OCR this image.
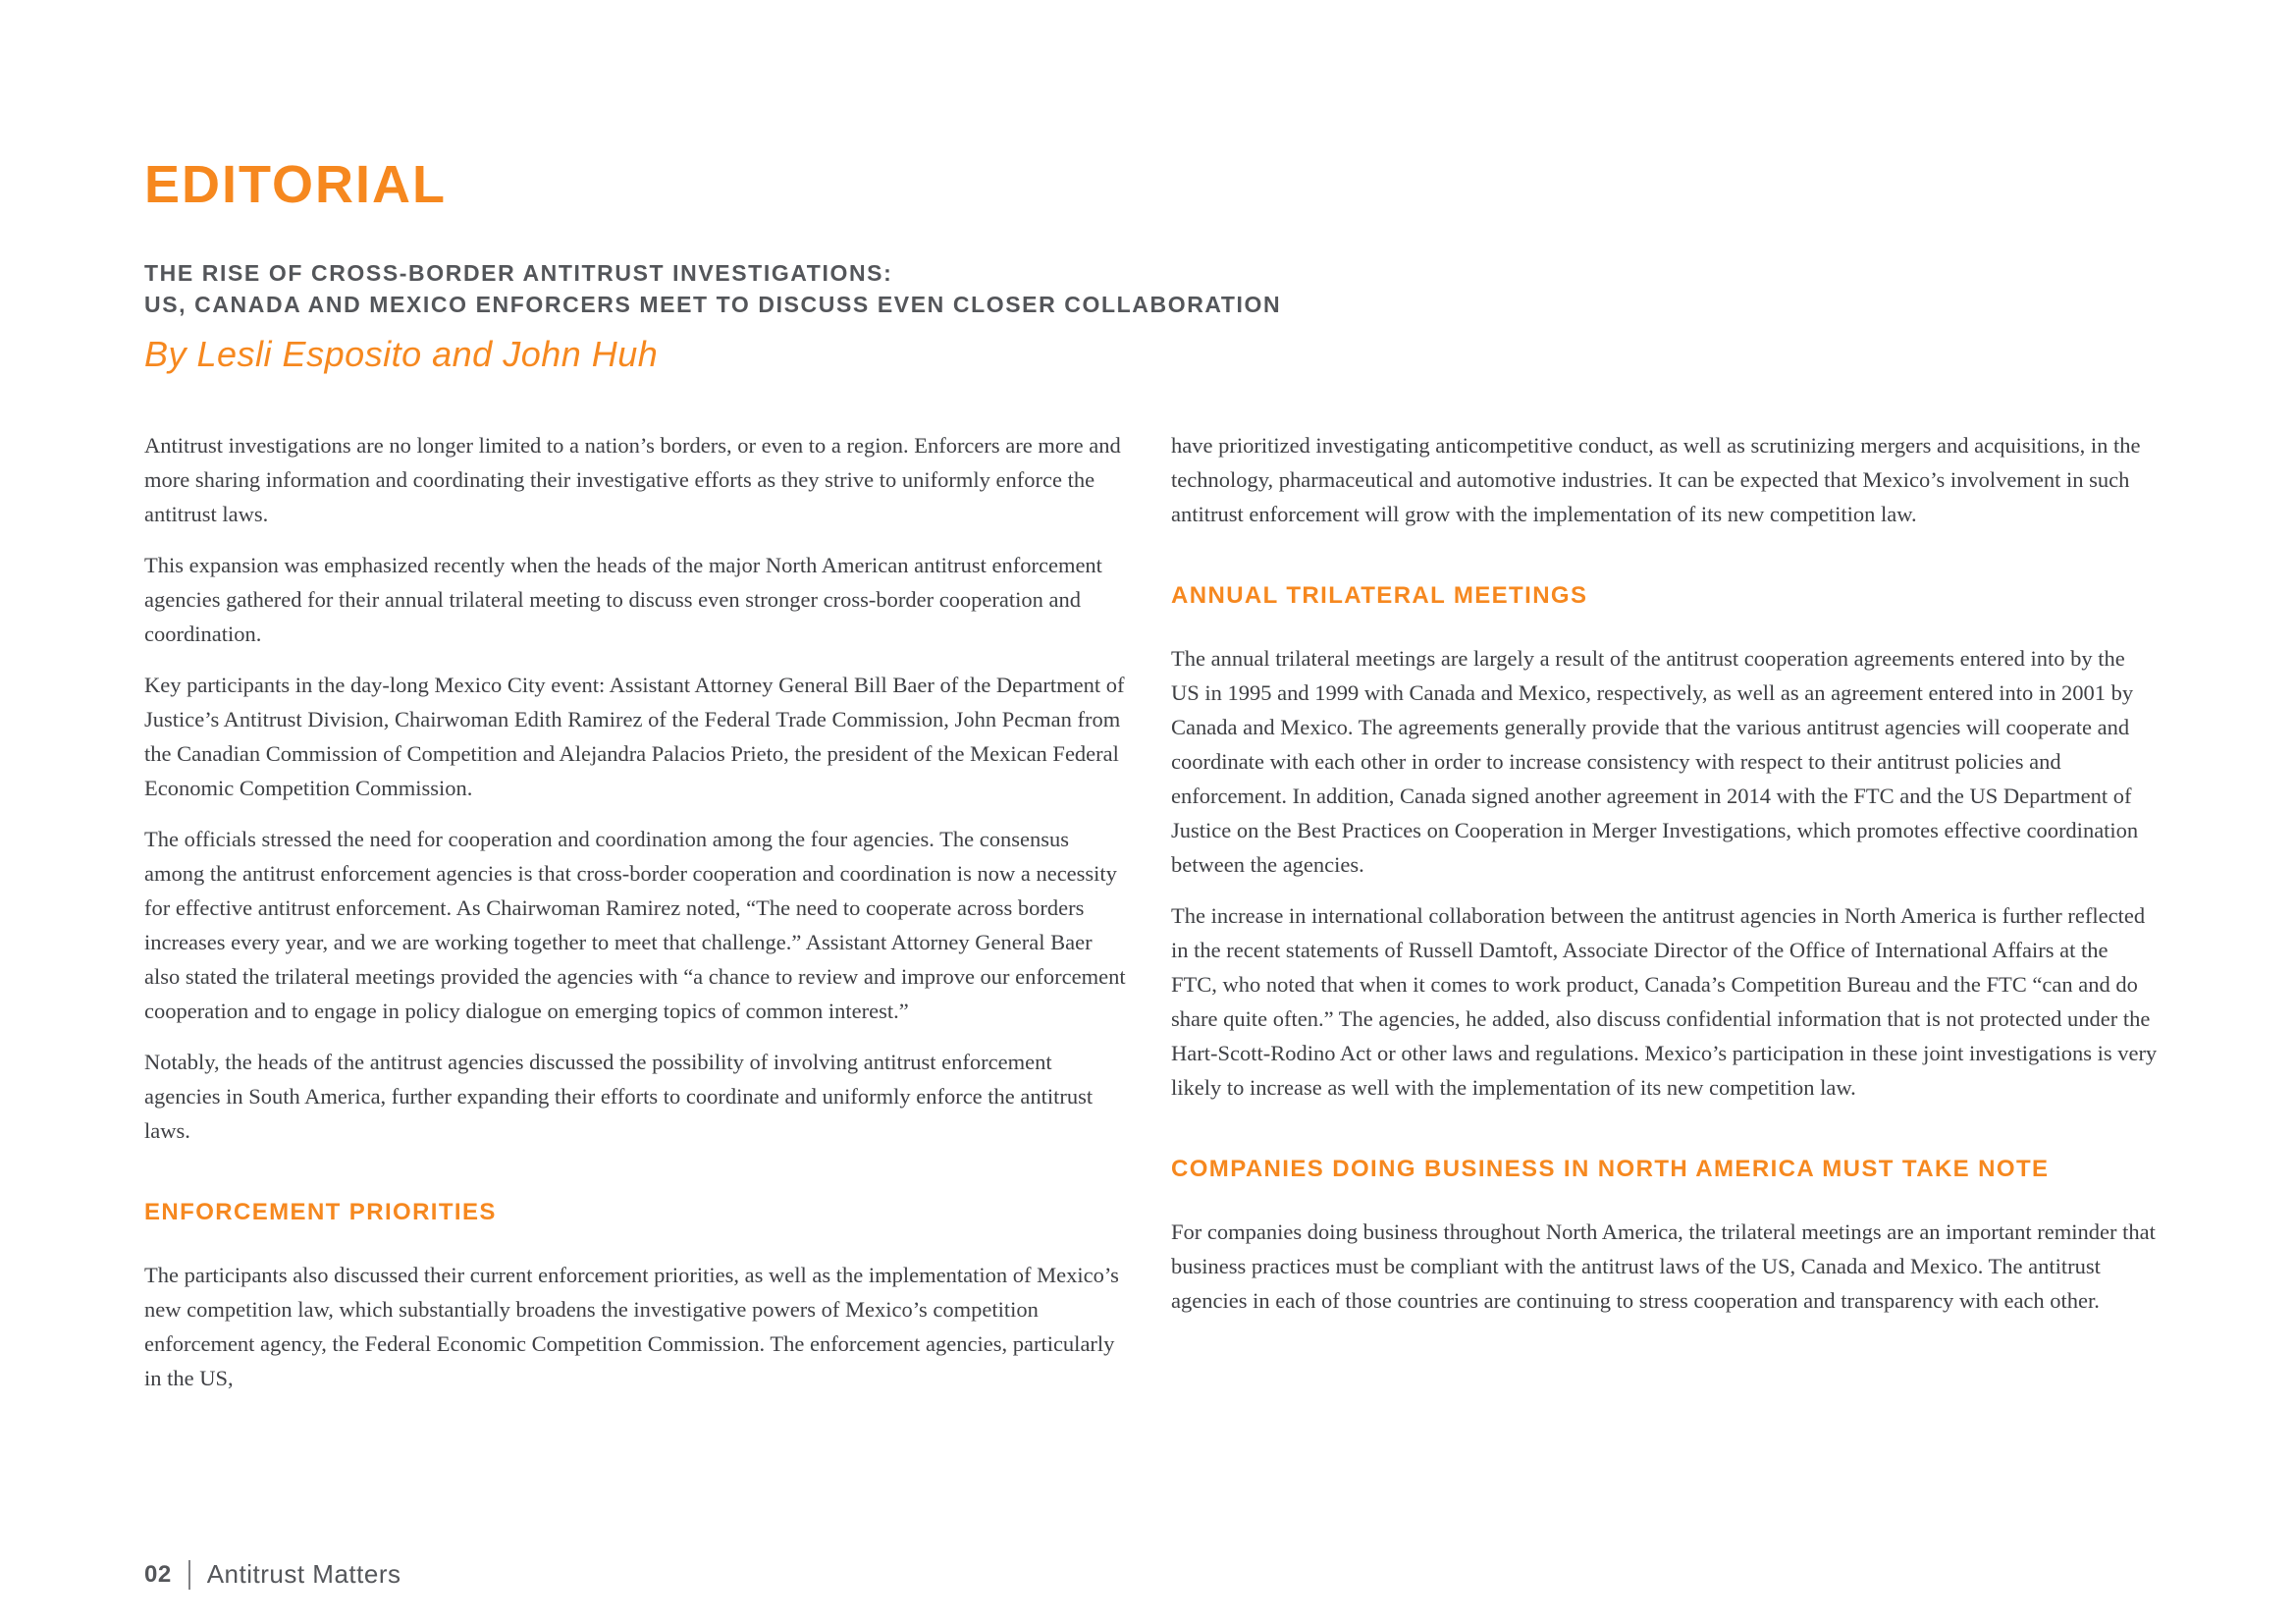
EDITORIAL
THE RISE OF CROSS-BORDER ANTITRUST INVESTIGATIONS:
US, CANADA AND MEXICO ENFORCERS MEET TO DISCUSS EVEN CLOSER COLLABORATION
By Lesli Esposito and John Huh

Antitrust investigations are no longer limited to a nation’s borders, or even to a region. Enforcers are more and more sharing information and coordinating their investigative efforts as they strive to uniformly enforce the antitrust laws.

This expansion was emphasized recently when the heads of the major North American antitrust enforcement agencies gathered for their annual trilateral meeting to discuss even stronger cross-border cooperation and coordination.

Key participants in the day-long Mexico City event: Assistant Attorney General Bill Baer of the Department of Justice’s Antitrust Division, Chairwoman Edith Ramirez of the Federal Trade Commission, John Pecman from the Canadian Commission of Competition and Alejandra Palacios Prieto, the president of the Mexican Federal Economic Competition Commission.

The officials stressed the need for cooperation and coordination among the four agencies. The consensus among the antitrust enforcement agencies is that cross-border cooperation and coordination is now a necessity for effective antitrust enforcement. As Chairwoman Ramirez noted, “The need to cooperate across borders increases every year, and we are working together to meet that challenge.” Assistant Attorney General Baer also stated the trilateral meetings provided the agencies with “a chance to review and improve our enforcement cooperation and to engage in policy dialogue on emerging topics of common interest.”

Notably, the heads of the antitrust agencies discussed the possibility of involving antitrust enforcement agencies in South America, further expanding their efforts to coordinate and uniformly enforce the antitrust laws.

ENFORCEMENT PRIORITIES

The participants also discussed their current enforcement priorities, as well as the implementation of Mexico’s new competition law, which substantially broadens the investigative powers of Mexico’s competition enforcement agency, the Federal Economic Competition Commission. The enforcement agencies, particularly in the US,

have prioritized investigating anticompetitive conduct, as well as scrutinizing mergers and acquisitions, in the technology, pharmaceutical and automotive industries. It can be expected that Mexico’s involvement in such antitrust enforcement will grow with the implementation of its new competition law.

ANNUAL TRILATERAL MEETINGS

The annual trilateral meetings are largely a result of the antitrust cooperation agreements entered into by the US in 1995 and 1999 with Canada and Mexico, respectively, as well as an agreement entered into in 2001 by Canada and Mexico. The agreements generally provide that the various antitrust agencies will cooperate and coordinate with each other in order to increase consistency with respect to their antitrust policies and enforcement. In addition, Canada signed another agreement in 2014 with the FTC and the US Department of Justice on the Best Practices on Cooperation in Merger Investigations, which promotes effective coordination between the agencies.

The increase in international collaboration between the antitrust agencies in North America is further reflected in the recent statements of Russell Damtoft, Associate Director of the Office of International Affairs at the FTC, who noted that when it comes to work product, Canada’s Competition Bureau and the FTC “can and do share quite often.” The agencies, he added, also discuss confidential information that is not protected under the Hart-Scott-Rodino Act or other laws and regulations. Mexico’s participation in these joint investigations is very likely to increase as well with the implementation of its new competition law.

COMPANIES DOING BUSINESS IN NORTH AMERICA MUST TAKE NOTE

For companies doing business throughout North America, the trilateral meetings are an important reminder that business practices must be compliant with the antitrust laws of the US, Canada and Mexico. The antitrust agencies in each of those countries are continuing to stress cooperation and transparency with each other.

02 Antitrust Matters
